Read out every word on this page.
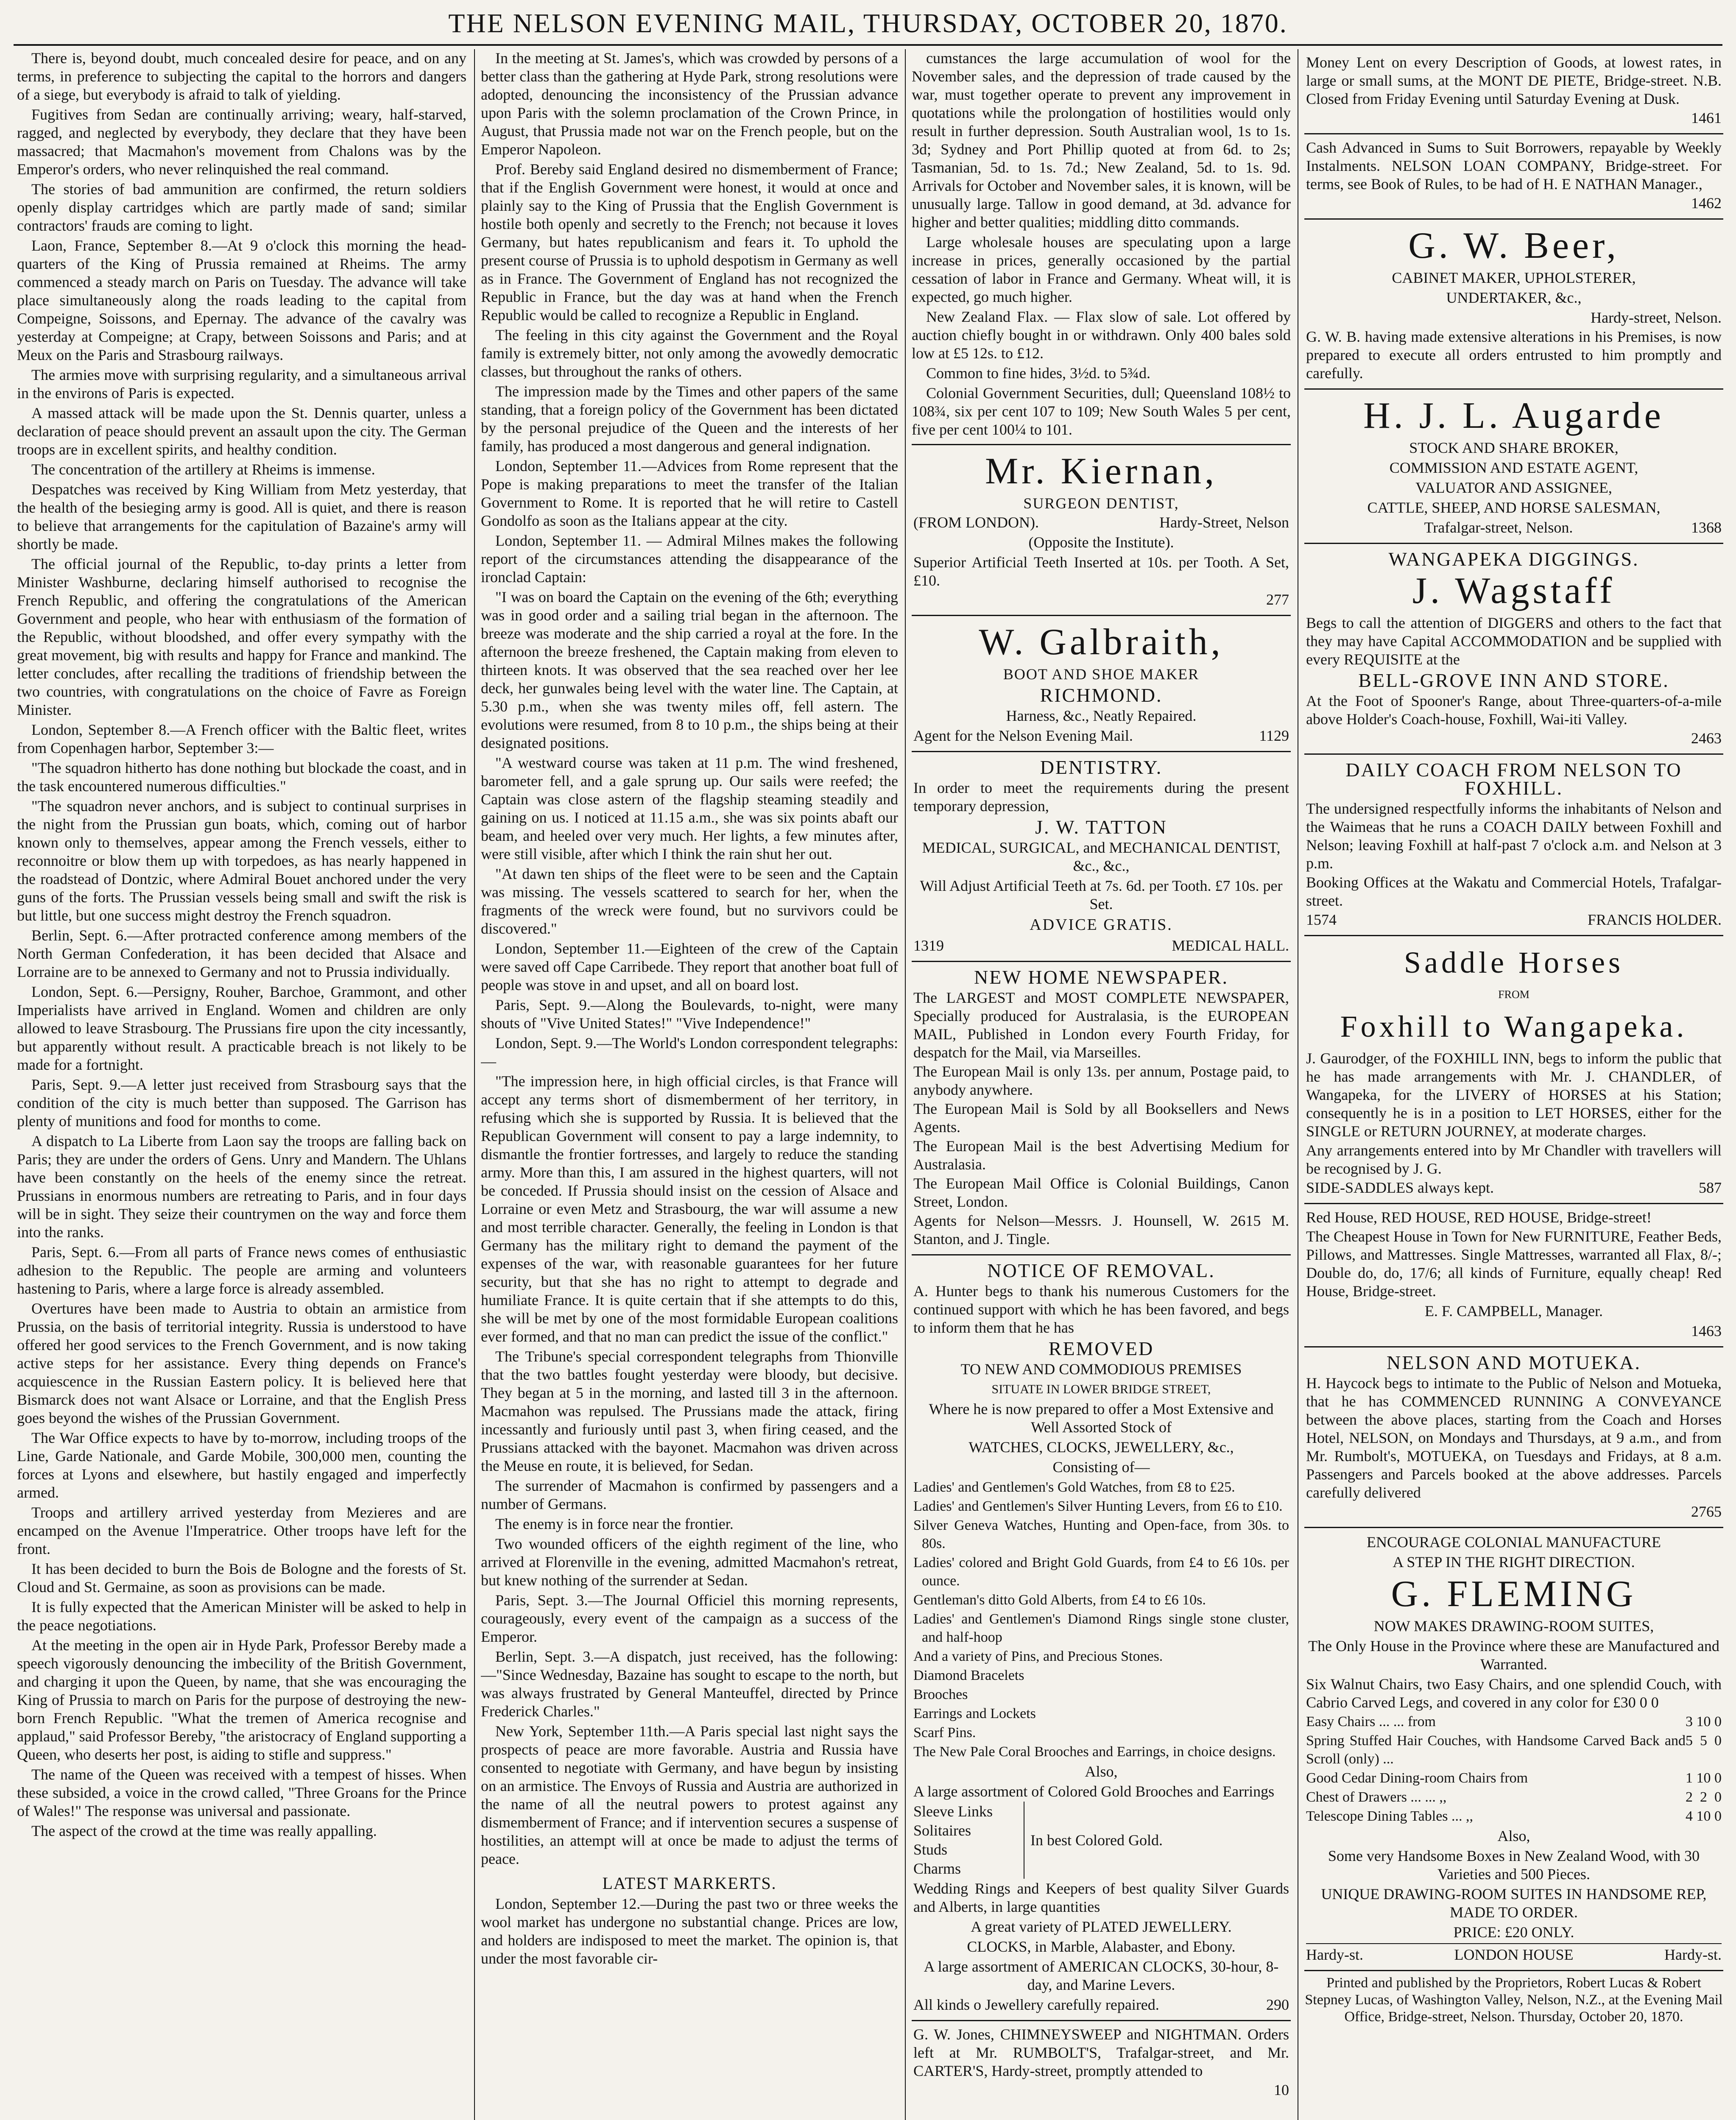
THE NELSON EVENING MAIL, THURSDAY, OCTOBER 20, 1870.

There is, beyond doubt, much concealed desire for peace, and on any terms, in preference to subjecting the capital to the horrors and dangers of a siege, but everybody is afraid to talk of yielding.

Fugitives from Sedan are continually arriving; weary, half-starved, ragged, and neglected by everybody, they declare that they have been massacred; that Macmahon's movement from Chalons was by the Emperor's orders, who never relinquished the real command.

The stories of bad ammunition are confirmed, the return soldiers openly display cartridges which are partly made of sand; similar contractors' frauds are coming to light.

Laon, France, September 8.—At 9 o'clock this morning the head-quarters of the King of Prussia remained at Rheims. The army commenced a steady march on Paris on Tuesday. The advance will take place simultaneously along the roads leading to the capital from Compeigne, Soissons, and Epernay. The advance of the cavalry was yesterday at Compeigne; at Crapy, between Soissons and Paris; and at Meux on the Paris and Strasbourg railways.

The armies move with surprising regularity, and a simultaneous arrival in the environs of Paris is expected.

A massed attack will be made upon the St. Dennis quarter, unless a declaration of peace should prevent an assault upon the city. The German troops are in excellent spirits, and healthy condition.

The concentration of the artillery at Rheims is immense.

Despatches was received by King William from Metz yesterday, that the health of the besieging army is good. All is quiet, and there is reason to believe that arrangements for the capitulation of Bazaine's army will shortly be made.

The official journal of the Republic, to-day prints a letter from Minister Washburne, declaring himself authorised to recognise the French Republic, and offering the congratulations of the American Government and people, who hear with enthusiasm of the formation of the Republic, without bloodshed, and offer every sympathy with the great movement, big with results and happy for France and mankind. The letter concludes, after recalling the traditions of friendship between the two countries, with congratulations on the choice of Favre as Foreign Minister.

London, September 8.—A French officer with the Baltic fleet, writes from Copenhagen harbor, September 3:—

"The squadron hitherto has done nothing but blockade the coast, and in the task encountered numerous difficulties."

"The squadron never anchors, and is subject to continual surprises in the night from the Prussian gun boats, which, coming out of harbor known only to themselves, appear among the French vessels, either to reconnoitre or blow them up with torpedoes, as has nearly happened in the roadstead of Dontzic, where Admiral Bouet anchored under the very guns of the forts. The Prussian vessels being small and swift the risk is but little, but one success might destroy the French squadron.

Berlin, Sept. 6.—After protracted conference among members of the North German Confederation, it has been decided that Alsace and Lorraine are to be annexed to Germany and not to Prussia individually.

London, Sept. 6.—Persigny, Rouher, Barchoe, Grammont, and other Imperialists have arrived in England. Women and children are only allowed to leave Strasbourg. The Prussians fire upon the city incessantly, but apparently without result. A practicable breach is not likely to be made for a fortnight.

Paris, Sept. 9.—A letter just received from Strasbourg says that the condition of the city is much better than supposed. The Garrison has plenty of munitions and food for months to come.

A dispatch to La Liberte from Laon say the troops are falling back on Paris; they are under the orders of Gens. Unry and Mandern. The Uhlans have been constantly on the heels of the enemy since the retreat. Prussians in enormous numbers are retreating to Paris, and in four days will be in sight. They seize their countrymen on the way and force them into the ranks.

Paris, Sept. 6.—From all parts of France news comes of enthusiastic adhesion to the Republic. The people are arming and volunteers hastening to Paris, where a large force is already assembled.

Overtures have been made to Austria to obtain an armistice from Prussia, on the basis of territorial integrity. Russia is understood to have offered her good services to the French Government, and is now taking active steps for her assistance. Every thing depends on France's acquiescence in the Russian Eastern policy. It is believed here that Bismarck does not want Alsace or Lorraine, and that the English Press goes beyond the wishes of the Prussian Government.

The War Office expects to have by to-morrow, including troops of the Line, Garde Nationale, and Garde Mobile, 300,000 men, counting the forces at Lyons and elsewhere, but hastily engaged and imperfectly armed.

Troops and artillery arrived yesterday from Mezieres and are encamped on the Avenue l'Imperatrice. Other troops have left for the front.

It has been decided to burn the Bois de Bologne and the forests of St. Cloud and St. Germaine, as soon as provisions can be made.

It is fully expected that the American Minister will be asked to help in the peace negotiations.

At the meeting in the open air in Hyde Park, Professor Bereby made a speech vigorously denouncing the imbecility of the British Government, and charging it upon the Queen, by name, that she was encouraging the King of Prussia to march on Paris for the purpose of destroying the new-born French Republic. "What the tremen of America recognise and applaud," said Professor Bereby, "the aristocracy of England supporting a Queen, who deserts her post, is aiding to stifle and suppress."

The name of the Queen was received with a tempest of hisses. When these subsided, a voice in the crowd called, "Three Groans for the Prince of Wales!" The response was universal and passionate.

The aspect of the crowd at the time was really appalling.

In the meeting at St. James's, which was crowded by persons of a better class than the gathering at Hyde Park, strong resolutions were adopted, denouncing the inconsistency of the Prussian advance upon Paris with the solemn proclamation of the Crown Prince, in August, that Prussia made not war on the French people, but on the Emperor Napoleon.

Prof. Bereby said England desired no dismemberment of France; that if the English Government were honest, it would at once and plainly say to the King of Prussia that the English Government is hostile both openly and secretly to the French; not because it loves Germany, but hates republicanism and fears it. To uphold the present course of Prussia is to uphold despotism in Germany as well as in France. The Government of England has not recognized the Republic in France, but the day was at hand when the French Republic would be called to recognize a Republic in England.

The feeling in this city against the Government and the Royal family is extremely bitter, not only among the avowedly democratic classes, but throughout the ranks of others.

The impression made by the Times and other papers of the same standing, that a foreign policy of the Government has been dictated by the personal prejudice of the Queen and the interests of her family, has produced a most dangerous and general indignation.

London, September 11.—Advices from Rome represent that the Pope is making preparations to meet the transfer of the Italian Government to Rome. It is reported that he will retire to Castell Gondolfo as soon as the Italians appear at the city.

London, September 11. — Admiral Milnes makes the following report of the circumstances attending the disappearance of the ironclad Captain:

"I was on board the Captain on the evening of the 6th; everything was in good order and a sailing trial began in the afternoon. The breeze was moderate and the ship carried a royal at the fore. In the afternoon the breeze freshened, the Captain making from eleven to thirteen knots. It was observed that the sea reached over her lee deck, her gunwales being level with the water line. The Captain, at 5.30 p.m., when she was twenty miles off, fell astern. The evolutions were resumed, from 8 to 10 p.m., the ships being at their designated positions.

"A westward course was taken at 11 p.m. The wind freshened, barometer fell, and a gale sprung up. Our sails were reefed; the Captain was close astern of the flagship steaming steadily and gaining on us. I noticed at 11.15 a.m., she was six points abaft our beam, and heeled over very much. Her lights, a few minutes after, were still visible, after which I think the rain shut her out.

"At dawn ten ships of the fleet were to be seen and the Captain was missing. The vessels scattered to search for her, when the fragments of the wreck were found, but no survivors could be discovered."

London, September 11.—Eighteen of the crew of the Captain were saved off Cape Carribede. They report that another boat full of people was stove in and upset, and all on board lost.

Paris, Sept. 9.—Along the Boulevards, to-night, were many shouts of "Vive United States!" "Vive Independence!"

London, Sept. 9.—The World's London correspondent telegraphs:—

"The impression here, in high official circles, is that France will accept any terms short of dismemberment of her territory, in refusing which she is supported by Russia. It is believed that the Republican Government will consent to pay a large indemnity, to dismantle the frontier fortresses, and largely to reduce the standing army. More than this, I am assured in the highest quarters, will not be conceded. If Prussia should insist on the cession of Alsace and Lorraine or even Metz and Strasbourg, the war will assume a new and most terrible character. Generally, the feeling in London is that Germany has the military right to demand the payment of the expenses of the war, with reasonable guarantees for her future security, but that she has no right to attempt to degrade and humiliate France. It is quite certain that if she attempts to do this, she will be met by one of the most formidable European coalitions ever formed, and that no man can predict the issue of the conflict."

The Tribune's special correspondent telegraphs from Thionville that the two battles fought yesterday were bloody, but decisive. They began at 5 in the morning, and lasted till 3 in the afternoon. Macmahon was repulsed. The Prussians made the attack, firing incessantly and furiously until past 3, when firing ceased, and the Prussians attacked with the bayonet. Macmahon was driven across the Meuse en route, it is believed, for Sedan.

The surrender of Macmahon is confirmed by passengers and a number of Germans.

The enemy is in force near the frontier.

Two wounded officers of the eighth regiment of the line, who arrived at Florenville in the evening, admitted Macmahon's retreat, but knew nothing of the surrender at Sedan.

Paris, Sept. 3.—The Journal Officiel this morning represents, courageously, every event of the campaign as a success of the Emperor.

Berlin, Sept. 3.—A dispatch, just received, has the following:—"Since Wednesday, Bazaine has sought to escape to the north, but was always frustrated by General Manteuffel, directed by Prince Frederick Charles."

New York, September 11th.—A Paris special last night says the prospects of peace are more favorable. Austria and Russia have consented to negotiate with Germany, and have begun by insisting on an armistice. The Envoys of Russia and Austria are authorized in the name of all the neutral powers to protest against any dismemberment of France; and if intervention secures a suspense of hostilities, an attempt will at once be made to adjust the terms of peace.

LATEST MARKERTS.

London, September 12.—During the past two or three weeks the wool market has undergone no substantial change. Prices are low, and holders are indisposed to meet the market. The opinion is, that under the most favorable cir-

cumstances the large accumulation of wool for the November sales, and the depression of trade caused by the war, must together operate to prevent any improvement in quotations while the prolongation of hostilities would only result in further depression. South Australian wool, 1s to 1s. 3d; Sydney and Port Phillip quoted at from 6d. to 2s; Tasmanian, 5d. to 1s. 7d.; New Zealand, 5d. to 1s. 9d. Arrivals for October and November sales, it is known, will be unusually large. Tallow in good demand, at 3d. advance for higher and better qualities; middling ditto commands.

Large wholesale houses are speculating upon a large increase in prices, generally occasioned by the partial cessation of labor in France and Germany. Wheat will, it is expected, go much higher.

New Zealand Flax. — Flax slow of sale. Lot offered by auction chiefly bought in or withdrawn. Only 400 bales sold low at £5 12s. to £12.

Common to fine hides, 3½d. to 5¾d.

Colonial Government Securities, dull; Queensland 108½ to 108¾, six per cent 107 to 109; New South Wales 5 per cent, five per cent 100¼ to 101.

Mr. Kiernan,
SURGEON DENTIST,
(FROM LONDON).	Hardy-Street, Nelson
(Opposite the Institute).
Superior Artificial Teeth Inserted at 10s. per Tooth. A Set, £10.
277
W. Galbraith,
BOOT AND SHOE MAKER
RICHMOND.
Harness, &c., Neatly Repaired.
Agent for the Nelson Evening Mail.	1129
DENTISTRY.
In order to meet the requirements during the present temporary depression,
J. W. TATTON
MEDICAL, SURGICAL, and MECHANICAL DENTIST, &c., &c.,
Will Adjust Artificial Teeth at 7s. 6d. per Tooth. £7 10s. per Set.
ADVICE GRATIS.
1319	MEDICAL HALL.
NEW HOME NEWSPAPER.
The LARGEST and MOST COMPLETE NEWSPAPER, Specially produced for Australasia, is the EUROPEAN MAIL, Published in London every Fourth Friday, for despatch for the Mail, via Marseilles.
The European Mail is only 13s. per annum, Postage paid, to anybody anywhere.
The European Mail is Sold by all Booksellers and News Agents.
The European Mail is the best Advertising Medium for Australasia.
The European Mail Office is Colonial Buildings, Canon Street, London.
Agents for Nelson—Messrs. J. Hounsell, W. 2615 M. Stanton, and J. Tingle.
NOTICE OF REMOVAL.
A. Hunter begs to thank his numerous Customers for the continued support with which he has been favored, and begs to inform them that he has
REMOVED
TO NEW AND COMMODIOUS PREMISES
SITUATE IN LOWER BRIDGE STREET,
Where he is now prepared to offer a Most Extensive and Well Assorted Stock of
WATCHES, CLOCKS, JEWELLERY, &c.,
Consisting of—
Ladies' and Gentlemen's Gold Watches, from £8 to £25.
Ladies' and Gentlemen's Silver Hunting Levers, from £6 to £10.
Silver Geneva Watches, Hunting and Open-face, from 30s. to 80s.
Ladies' colored and Bright Gold Guards, from £4 to £6 10s. per ounce.
Gentleman's ditto Gold Alberts, from £4 to £6 10s.
Ladies' and Gentlemen's Diamond Rings single stone cluster, and half-hoop
And a variety of Pins, and Precious Stones.
Diamond Bracelets
Brooches
Earrings and Lockets
Scarf Pins.
The New Pale Coral Brooches and Earrings, in choice designs.
Also,
A large assortment of Colored Gold Brooches and Earrings
Sleeve Links
Solitaires
Studs
Charms
In best Colored Gold.
Wedding Rings and Keepers of best quality Silver Guards and Alberts, in large quantities
A great variety of PLATED JEWELLERY.
CLOCKS, in Marble, Alabaster, and Ebony.
A large assortment of AMERICAN CLOCKS, 30-hour, 8-day, and Marine Levers.
All kinds o Jewellery carefully repaired.	290
G. W. Jones, CHIMNEYSWEEP and NIGHTMAN. Orders left at Mr. RUMBOLT'S, Trafalgar-street, and Mr. CARTER'S, Hardy-street, promptly attended to
10
Money Lent on every Description of Goods, at lowest rates, in large or small sums, at the MONT DE PIETE, Bridge-street. N.B. Closed from Friday Evening until Saturday Evening at Dusk.
1461
Cash Advanced in Sums to Suit Borrowers, repayable by Weekly Instalments. NELSON LOAN COMPANY, Bridge-street. For terms, see Book of Rules, to be had of H. E NATHAN Manager.,
1462
G. W. Beer,
CABINET MAKER, UPHOLSTERER,
UNDERTAKER, &c.,
Hardy-street, Nelson.
G. W. B. having made extensive alterations in his Premises, is now prepared to execute all orders entrusted to him promptly and carefully.
H. J. L. Augarde
STOCK AND SHARE BROKER,
COMMISSION AND ESTATE AGENT,
VALUATOR AND ASSIGNEE,
CATTLE, SHEEP, AND HORSE SALESMAN,
Trafalgar-street, Nelson.	1368
WANGAPEKA DIGGINGS.
J. Wagstaff
Begs to call the attention of DIGGERS and others to the fact that they may have Capital ACCOMMODATION and be supplied with every REQUISITE at the
BELL-GROVE INN AND STORE.
At the Foot of Spooner's Range, about Three-quarters-of-a-mile above Holder's Coach-house, Foxhill, Wai-iti Valley.
2463
DAILY COACH FROM NELSON TO FOXHILL.
The undersigned respectfully informs the inhabitants of Nelson and the Waimeas that he runs a COACH DAILY between Foxhill and Nelson; leaving Foxhill at half-past 7 o'clock a.m. and Nelson at 3 p.m.
Booking Offices at the Wakatu and Commercial Hotels, Trafalgar-street.
1574	FRANCIS HOLDER.
Saddle Horses
FROM
Foxhill to Wangapeka.
J. Gaurodger, of the FOXHILL INN, begs to inform the public that he has made arrangements with Mr. J. CHANDLER, of Wangapeka, for the LIVERY of HORSES at his Station; consequently he is in a position to LET HORSES, either for the SINGLE or RETURN JOURNEY, at moderate charges.
Any arrangements entered into by Mr Chandler with travellers will be recognised by J. G.
SIDE-SADDLES always kept.	587
Red House, RED HOUSE, RED HOUSE, Bridge-street!
The Cheapest House in Town for New FURNITURE, Feather Beds, Pillows, and Mattresses. Single Mattresses, warranted all Flax, 8/-; Double do, do, 17/6; all kinds of Furniture, equally cheap! Red House, Bridge-street.
E. F. CAMPBELL, Manager.
1463
NELSON AND MOTUEKA.
H. Haycock begs to intimate to the Public of Nelson and Motueka, that he has COMMENCED RUNNING A CONVEYANCE between the above places, starting from the Coach and Horses Hotel, NELSON, on Mondays and Thursdays, at 9 a.m., and from Mr. Rumbolt's, MOTUEKA, on Tuesdays and Fridays, at 8 a.m. Passengers and Parcels booked at the above addresses. Parcels carefully delivered
2765
ENCOURAGE COLONIAL MANUFACTURE
A STEP IN THE RIGHT DIRECTION.
G. FLEMING
NOW MAKES DRAWING-ROOM SUITES,
The Only House in the Province where these are Manufactured and Warranted.
Six Walnut Chairs, two Easy Chairs, and one splendid Couch, with Cabrio Carved Legs, and covered in any color for £30 0 0
Easy Chairs ... ... from	3 10 0
Spring Stuffed Hair Couches, with Handsome Carved Back and Scroll (only) ...
5  5  0
Good Cedar Dining-room Chairs from	1 10 0
Chest of Drawers ... ... ,,	2  2  0
Telescope Dining Tables ... ,,	4 10 0
Also,
Some very Handsome Boxes in New Zealand Wood, with 30 Varieties and 500 Pieces.
UNIQUE DRAWING-ROOM SUITES IN HANDSOME REP, MADE TO ORDER.
PRICE: £20 ONLY.
Hardy-st.	LONDON HOUSE	Hardy-st.
Printed and published by the Proprietors, Robert Lucas & Robert Stepney Lucas, of Washington Valley, Nelson, N.Z., at the Evening Mail Office, Bridge-street, Nelson. Thursday, October 20, 1870.
